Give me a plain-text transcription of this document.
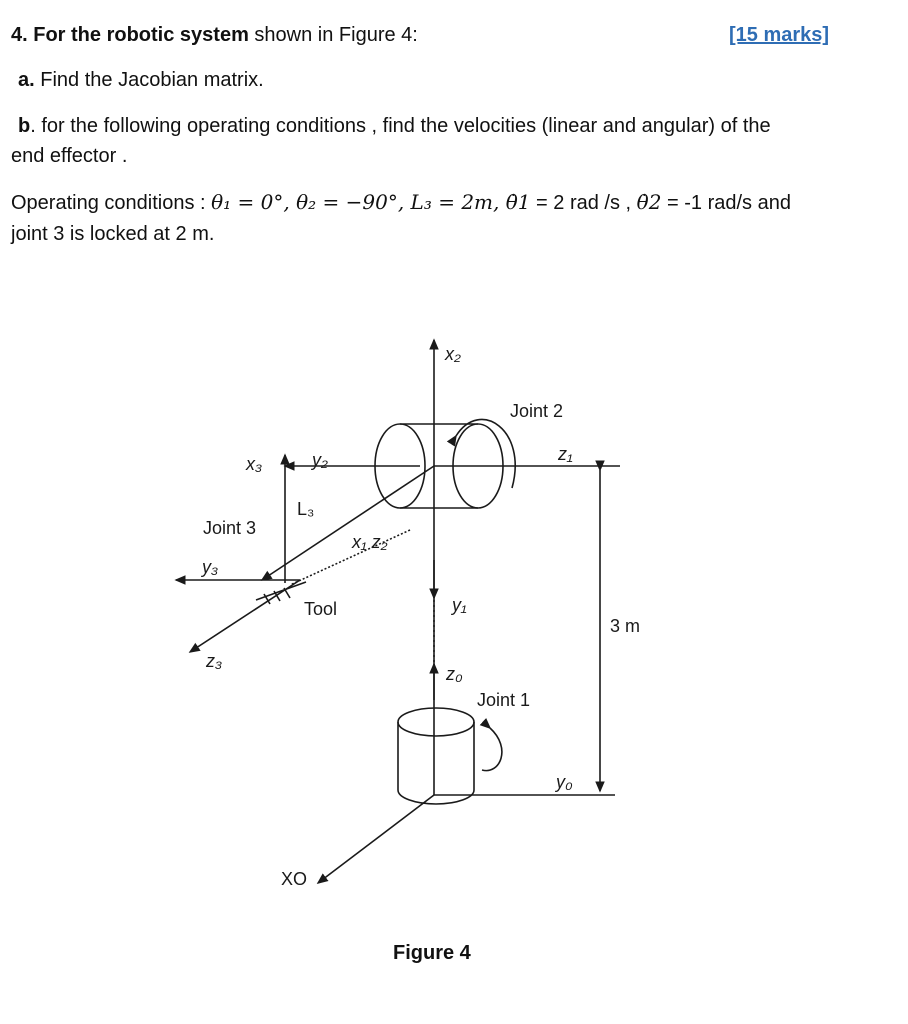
4. For the robotic system shown in Figure 4:	[15 marks]
a. Find the Jacobian matrix.
b. for the following operating conditions , find the velocities (linear and angular) of the
end effector .
Operating conditions : θ₁ = 0°, θ₂ = −90°, L₃ = 2m, θ̇1 = 2 rad /s , θ̇2 = -1 rad/s and
joint 3 is locked at 2 m.
x₂
Joint 2
z₁
x₃	y₂
L₃
Joint 3
x₁ z₂
y₃
Tool	y₁
z₃
3 m
z₀
Joint 1
y₀
XO
Figure 4
